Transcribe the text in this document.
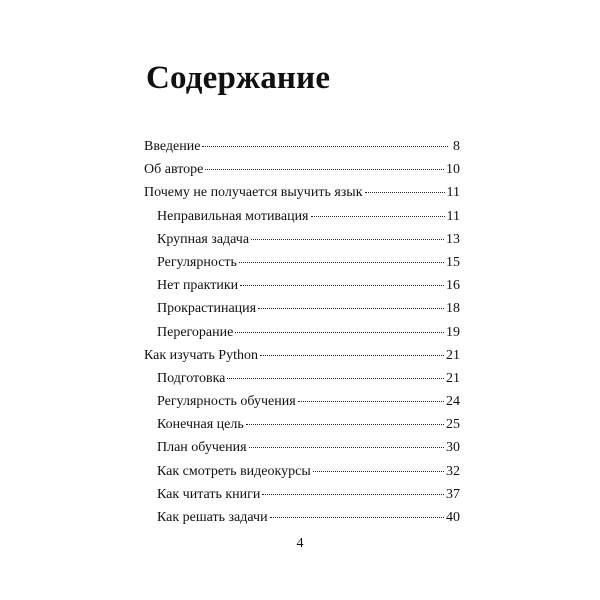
Содержание
Введение	8
Об авторе	10
Почему не получается выучить язык	11
Неправильная мотивация	11
Крупная задача	13
Регулярность	15
Нет практики	16
Прокрастинация	18
Перегорание	19
Как изучать Python	21
Подготовка	21
Регулярность обучения	24
Конечная цель	25
План обучения	30
Как смотреть видеокурсы	32
Как читать книги	37
Как решать задачи	40
4
